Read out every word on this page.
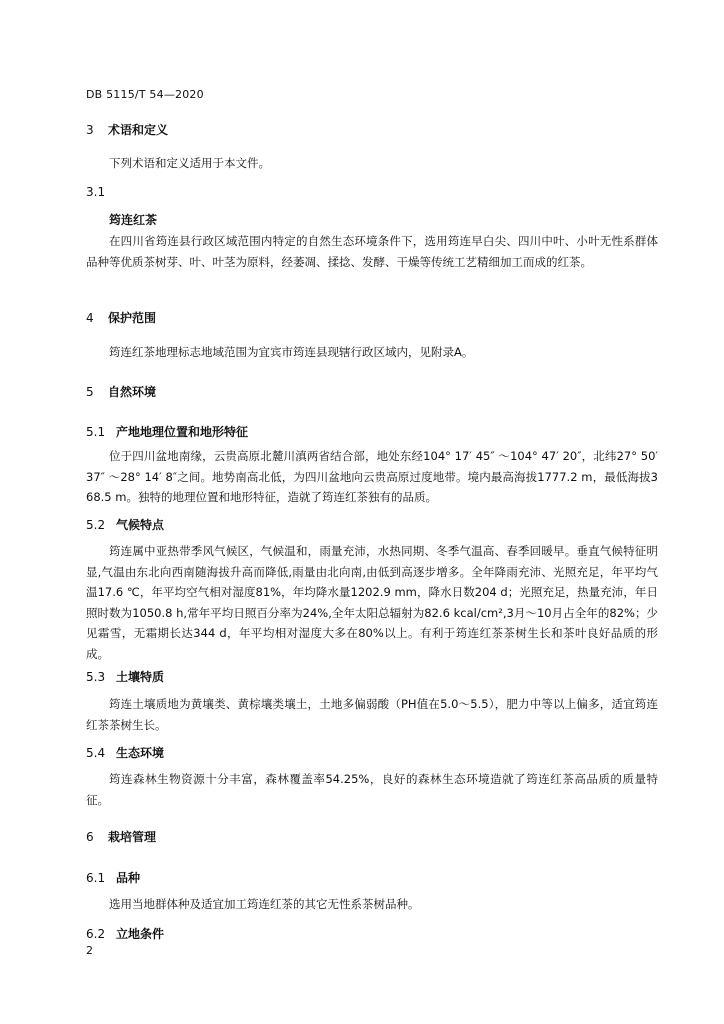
DB 5115/T 54—2020
3 术语和定义
下列术语和定义适用于本文件。
3.1
筠连红茶
在四川省筠连县行政区域范围内特定的自然生态环境条件下，选用筠连早白尖、四川中叶、小叶无性系群体品种等优质茶树芽、叶、叶茎为原料，经萎凋、揉捻、发酵、干燥等传统工艺精细加工而成的红茶。
4 保护范围
筠连红茶地理标志地域范围为宜宾市筠连县现辖行政区域内，见附录A。
5 自然环境
5.1 产地地理位置和地形特征
位于四川盆地南缘，云贵高原北麓川滇两省结合部，地处东经104° 17′ 45″ ～104° 47′ 20″，北纬27° 50′ 37″ ～28° 14′ 8″之间。地势南高北低，为四川盆地向云贵高原过度地带。境内最高海拔1777.2 m，最低海拔368.5 m。独特的地理位置和地形特征，造就了筠连红茶独有的品质。
5.2 气候特点
筠连属中亚热带季风气候区，气候温和，雨量充沛，水热同期、冬季气温高、春季回暖早。垂直气候特征明显,气温由东北向西南随海拔升高而降低,雨量由北向南,由低到高逐步增多。全年降雨充沛、光照充足，年平均气温17.6 ℃，年平均空气相对湿度81%，年均降水量1202.9 mm，降水日数204 d；光照充足，热量充沛，年日照时数为1050.8 h,常年平均日照百分率为24%,全年太阳总辐射为82.6 kcal/cm²,3月～10月占全年的82%；少见霜雪，无霜期长达344 d，年平均相对湿度大多在80%以上。有利于筠连红茶茶树生长和茶叶良好品质的形成。
5.3 土壤特质
筠连土壤质地为黄壤类、黄棕壤类壤土，土地多偏弱酸（PH值在5.0～5.5），肥力中等以上偏多，适宜筠连红茶茶树生长。
5.4 生态环境
筠连森林生物资源十分丰富，森林覆盖率54.25%，良好的森林生态环境造就了筠连红茶高品质的质量特征。
6 栽培管理
6.1 品种
选用当地群体种及适宜加工筠连红茶的其它无性系茶树品种。
6.2 立地条件
2
